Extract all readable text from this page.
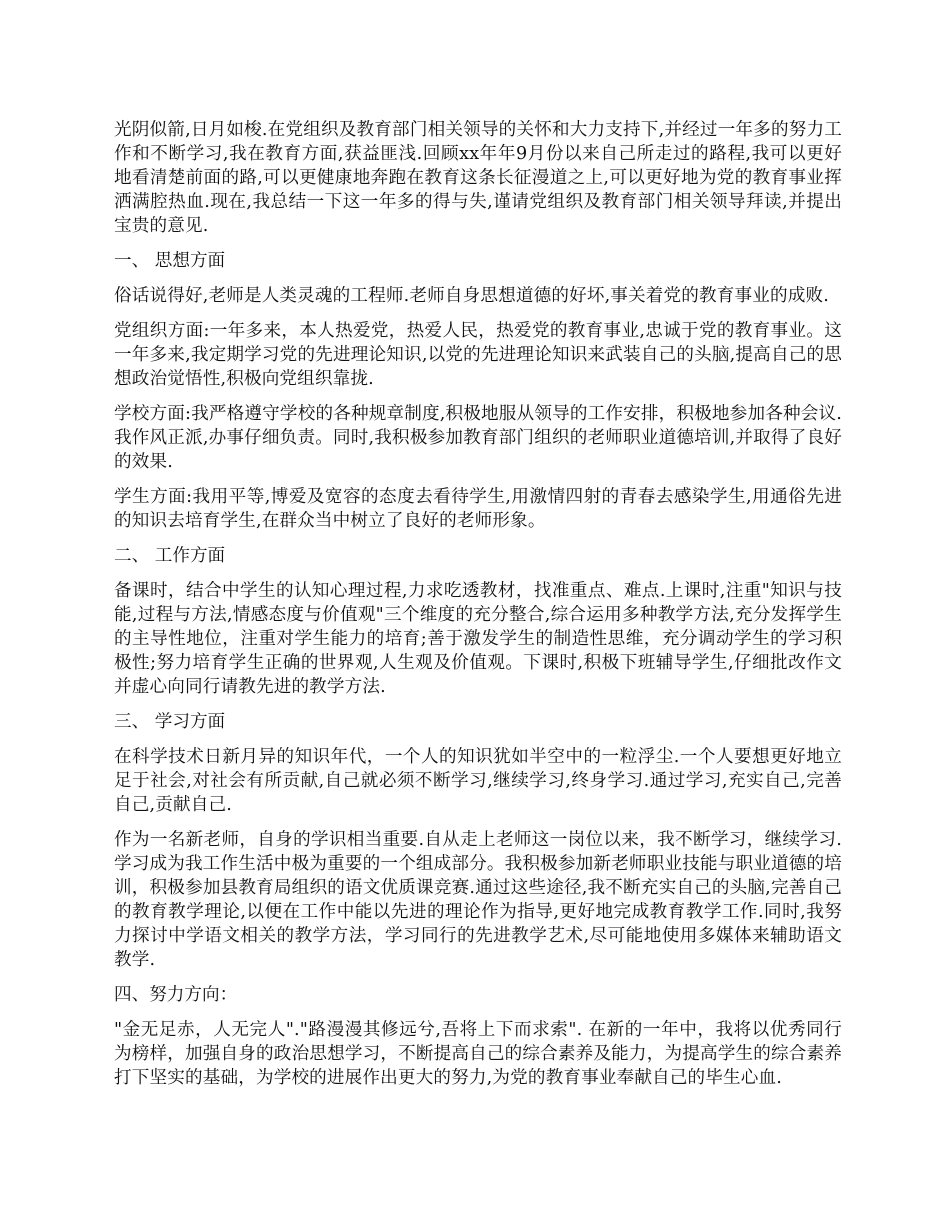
光阴似箭,日月如梭.在党组织及教育部门相关领导的关怀和大力支持下,并经过一年多的努力工作和不断学习,我在教育方面,获益匪浅.回顾xx年年9月份以来自己所走过的路程,我可以更好地看清楚前面的路,可以更健康地奔跑在教育这条长征漫道之上,可以更好地为党的教育事业挥洒满腔热血.现在,我总结一下这一年多的得与失,谨请党组织及教育部门相关领导拜读,并提出宝贵的意见.

一、 思想方面

俗话说得好,老师是人类灵魂的工程师.老师自身思想道德的好坏,事关着党的教育事业的成败.

党组织方面:一年多来，本人热爱党，热爱人民，热爱党的教育事业,忠诚于党的教育事业。这一年多来,我定期学习党的先进理论知识,以党的先进理论知识来武装自己的头脑,提高自己的思想政治觉悟性,积极向党组织靠拢.

学校方面:我严格遵守学校的各种规章制度,积极地服从领导的工作安排，积极地参加各种会议.我作风正派,办事仔细负责。同时,我积极参加教育部门组织的老师职业道德培训,并取得了良好的效果.

学生方面:我用平等,博爱及宽容的态度去看待学生,用激情四射的青春去感染学生,用通俗先进的知识去培育学生,在群众当中树立了良好的老师形象。

二、 工作方面

备课时，结合中学生的认知心理过程,力求吃透教材，找准重点、难点.上课时,注重"知识与技能,过程与方法,情感态度与价值观"三个维度的充分整合,综合运用多种教学方法,充分发挥学生的主导性地位，注重对学生能力的培育;善于激发学生的制造性思维，充分调动学生的学习积极性;努力培育学生正确的世界观,人生观及价值观。下课时,积极下班辅导学生,仔细批改作文并虚心向同行请教先进的教学方法.

三、 学习方面

在科学技术日新月异的知识年代，一个人的知识犹如半空中的一粒浮尘.一个人要想更好地立足于社会,对社会有所贡献,自己就必须不断学习,继续学习,终身学习.通过学习,充实自己,完善自己,贡献自己.

作为一名新老师，自身的学识相当重要.自从走上老师这一岗位以来，我不断学习，继续学习.学习成为我工作生活中极为重要的一个组成部分。我积极参加新老师职业技能与职业道德的培训，积极参加县教育局组织的语文优质课竞赛.通过这些途径,我不断充实自己的头脑,完善自己的教育教学理论,以便在工作中能以先进的理论作为指导,更好地完成教育教学工作.同时,我努力探讨中学语文相关的教学方法，学习同行的先进教学艺术,尽可能地使用多媒体来辅助语文教学.

四、努力方向：

"金无足赤，人无完人"."路漫漫其修远兮,吾将上下而求索". 在新的一年中，我将以优秀同行为榜样，加强自身的政治思想学习，不断提高自己的综合素养及能力，为提高学生的综合素养打下坚实的基础，为学校的进展作出更大的努力,为党的教育事业奉献自己的毕生心血.
